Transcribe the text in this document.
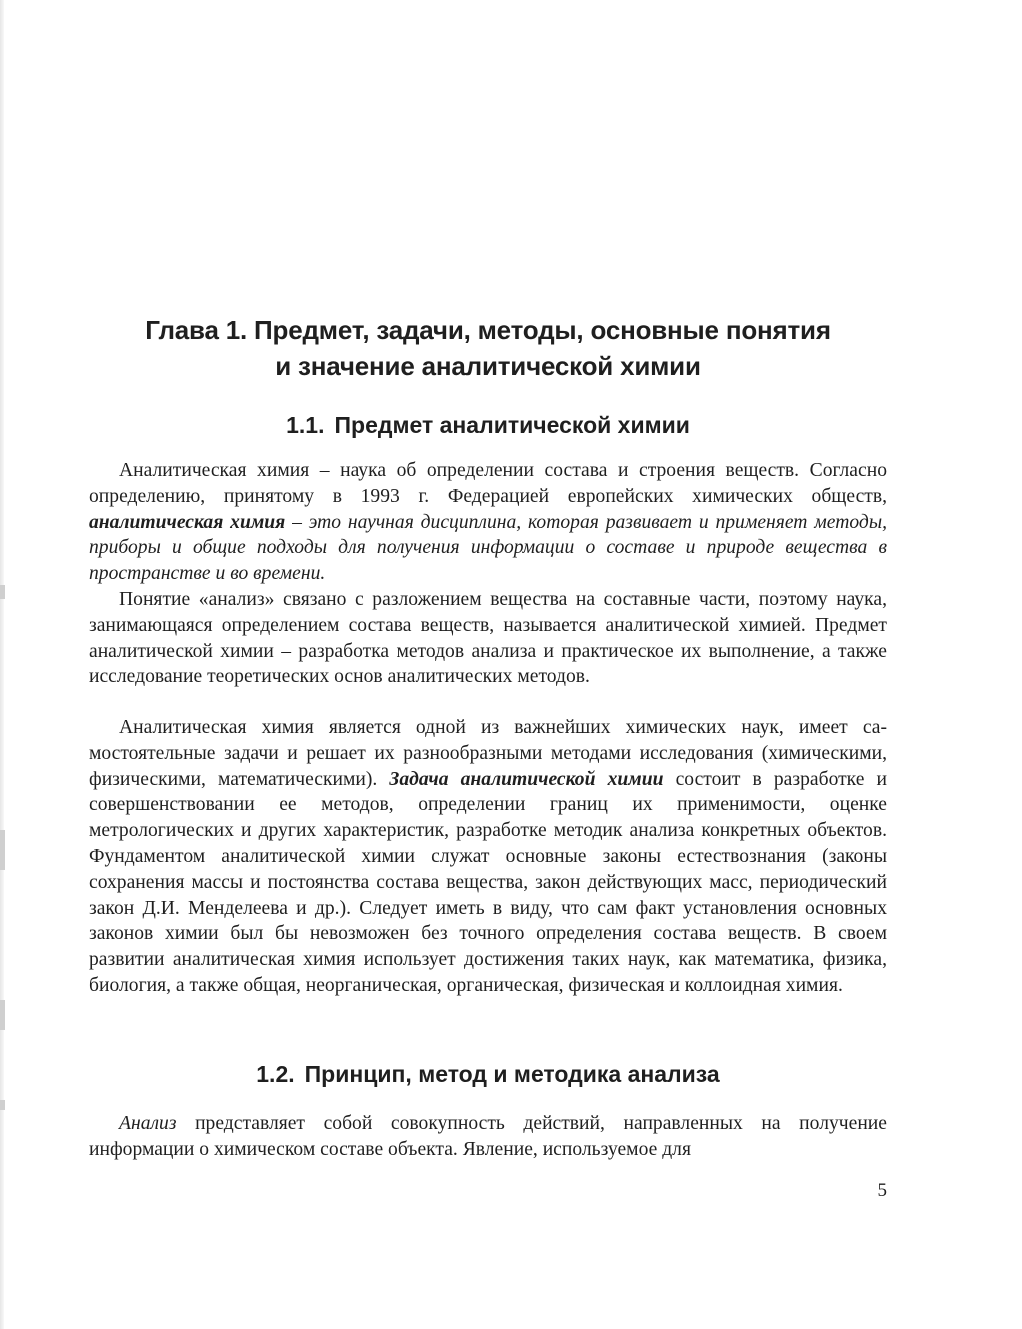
Глава 1. Предмет, задачи, методы, основные понятия
и значение аналитической химии
1.1. Предмет аналитической химии

Аналитическая химия – наука об определении состава и строения веществ. Согласно определению, принятому в 1993 г. Федерацией европейских химических обществ, аналитическая химия – это научная дисциплина, которая развивает и применяет методы, приборы и общие подходы для получения информации о составе и природе вещества в пространстве и во времени.

Понятие «анализ» связано с разложением вещества на составные части, поэтому наука, занимающаяся определением состава веществ, называется аналитической химией. Предмет аналитической химии – разработка методов анализа и практическое их выполнение, а также исследование теоретических основ аналитических методов.

Аналитическая химия является одной из важнейших химических наук, имеет самостоятельные задачи и решает их разнообразными методами исследования (химическими, физическими, математическими). Задача аналитической химии состоит в разработке и совершенствовании ее методов, определении границ их применимости, оценке метрологических и других характеристик, разработке методик анализа конкретных объектов. Фундаментом аналитической химии служат основные законы естествознания (законы сохранения массы и постоянства состава вещества, закон действующих масс, периодический закон Д.И. Менделеева и др.). Следует иметь в виду, что сам факт установления основных законов химии был бы невозможен без точного определения состава веществ. В своем развитии аналитическая химия использует достижения таких наук, как математика, физика, биология, а также общая, неорганическая, органическая, физическая и коллоидная химия.

1.2. Принцип, метод и методика анализа

Анализ представляет собой совокупность действий, направленных на получение информации о химическом составе объекта. Явление, используемое для

5
